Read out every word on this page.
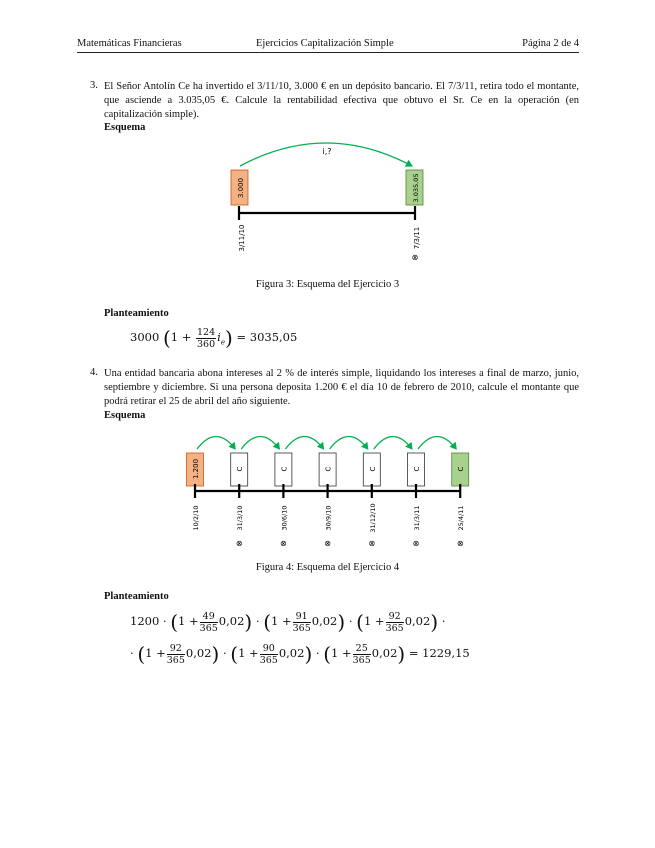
Matemáticas Financieras	Ejercicios Capitalización Simple	Página 2 de 4
3. El Señor Antolín Ce ha invertido el 3/11/10, 3.000 € en un depósito bancario. El 7/3/11, retira todo el montante, que asciende a 3.035,05 €. Calcule la rentabilidad efectiva que obtuvo el Sr. Ce en la operación (en capitalización simple).
Esquema
i,?
3.000	3.035,05
3/11/10	7/3/11
⊗
Figura 3: Esquema del Ejercicio 3
Planteamiento
3000 $(1 + \frac{124}{360} i_e) = 3035,05$
4. Una entidad bancaria abona intereses al 2 % de interés simple, liquidando los intereses a final de marzo, junio, septiembre y diciembre. Si una persona deposita 1.200 € el día 10 de febrero de 2010, calcule el montante que podrá retirar el 25 de abril del año siguiente.
Esquema
1.200
10/2/10
C
31/3/10
⊗
C
30/6/10
⊗
C
30/9/10
⊗
C
31/12/10
⊗
C
31/3/11
⊗
C
25/4/11
⊗
Figura 4: Esquema del Ejercicio 4
Planteamiento
$1200 \cdot (1 + \frac{49}{365} 0,02) \cdot (1 + \frac{91}{365} 0,02) \cdot (1 + \frac{92}{365} 0,02)$ ·
· $(1 + \frac{92}{365} 0,02) \cdot (1 + \frac{90}{365} 0,02) \cdot (1 + \frac{25}{365} 0,02) = 1229,15$
